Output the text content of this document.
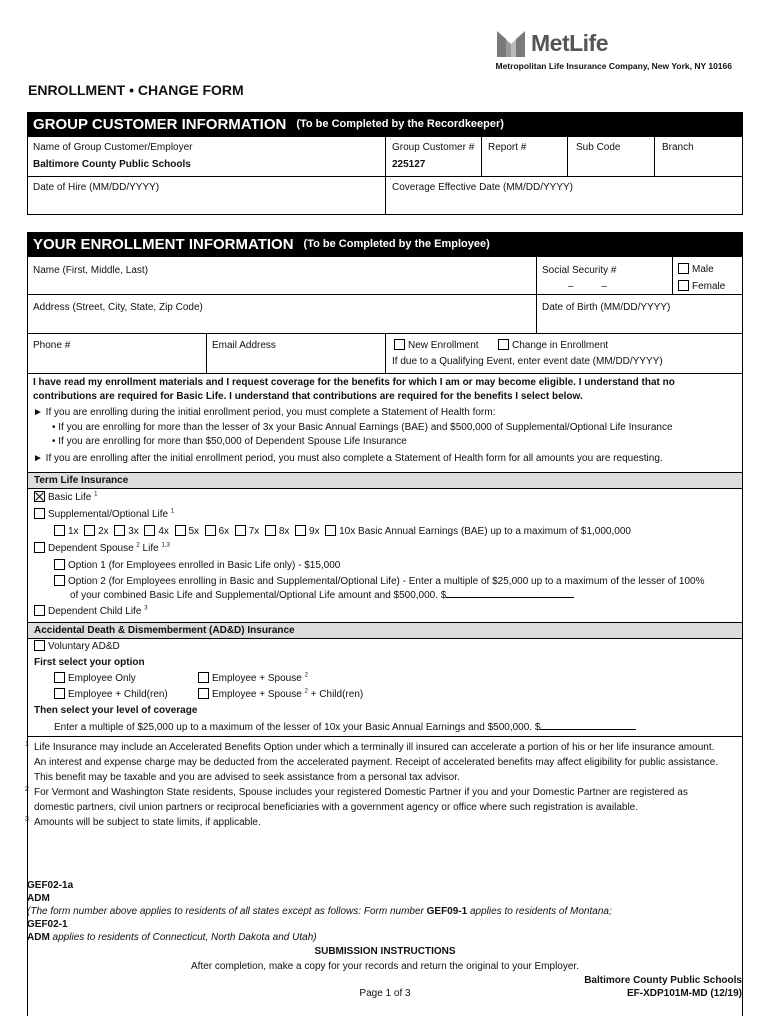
MetLife
Metropolitan Life Insurance Company, New York, NY 10166
ENROLLMENT • CHANGE FORM
GROUP CUSTOMER INFORMATION (To be Completed by the Recordkeeper)
Name of Group Customer/Employer
Baltimore County Public Schools
Group Customer #
225127
Report #	Sub Code	Branch
Date of Hire (MM/DD/YYYY)	Coverage Effective Date (MM/DD/YYYY)
YOUR ENROLLMENT INFORMATION (To be Completed by the Employee)
Name (First, Middle, Last)	Social Security #
–          –
Male
Female
Address (Street, City, State, Zip Code)	Date of Birth (MM/DD/YYYY)
Phone #	Email Address	New Enrollment	Change in Enrollment
If due to a Qualifying Event, enter event date (MM/DD/YYYY)
I have read my enrollment materials and I request coverage for the benefits for which I am or may become eligible. I understand that no
contributions are required for Basic Life. I understand that contributions are required for the benefits I select below.
► If you are enrolling during the initial enrollment period, you must complete a Statement of Health form:
• If you are enrolling for more than the lesser of 3x your Basic Annual Earnings (BAE) and $500,000 of Supplemental/Optional Life Insurance
• If you are enrolling for more than $50,000 of Dependent Spouse Life Insurance
► If you are enrolling after the initial enrollment period, you must also complete a Statement of Health form for all amounts you are requesting.
Term Life Insurance
Basic Life $^1$
Supplemental/Optional Life $^1$
1x 2x 3x 4x 5x 6x 7x 8x 9x 10x Basic Annual Earnings (BAE) up to a maximum of $1,000,000
Dependent Spouse $^2$ Life $^{1,3}$
Option 1 (for Employees enrolled in Basic Life only) - $15,000
Option 2 (for Employees enrolling in Basic and Supplemental/Optional Life) - Enter a multiple of $25,000 up to a maximum of the lesser of 100%
of your combined Basic Life and Supplemental/Optional Life amount and $500,000. $
Dependent Child Life $^3$
Accidental Death & Dismemberment (AD&D) Insurance
Voluntary AD&D
First select your option
Employee Only	Employee + Spouse $^2$
Employee + Child(ren)	Employee + Spouse $^2$ + Child(ren)
Then select your level of coverage
Enter a multiple of $25,000 up to a maximum of the lesser of 10x your Basic Annual Earnings and $500,000. $
1 Life Insurance may include an Accelerated Benefits Option under which a terminally ill insured can accelerate a portion of his or her life insurance amount.
An interest and expense charge may be deducted from the accelerated payment. Receipt of accelerated benefits may affect eligibility for public assistance.
This benefit may be taxable and you are advised to seek assistance from a personal tax advisor.
2 For Vermont and Washington State residents, Spouse includes your registered Domestic Partner if you and your Domestic Partner are registered as
domestic partners, civil union partners or reciprocal beneficiaries with a government agency or office where such registration is available.
3 Amounts will be subject to state limits, if applicable.
GEF02-1a
ADM
(The form number above applies to residents of all states except as follows: Form number GEF09-1 applies to residents of Montana;
GEF02-1
ADM applies to residents of Connecticut, North Dakota and Utah)
SUBMISSION INSTRUCTIONS
After completion, make a copy for your records and return the original to your Employer.
Baltimore County Public Schools
Page 1 of 3	EF-XDP101M-MD (12/19)
